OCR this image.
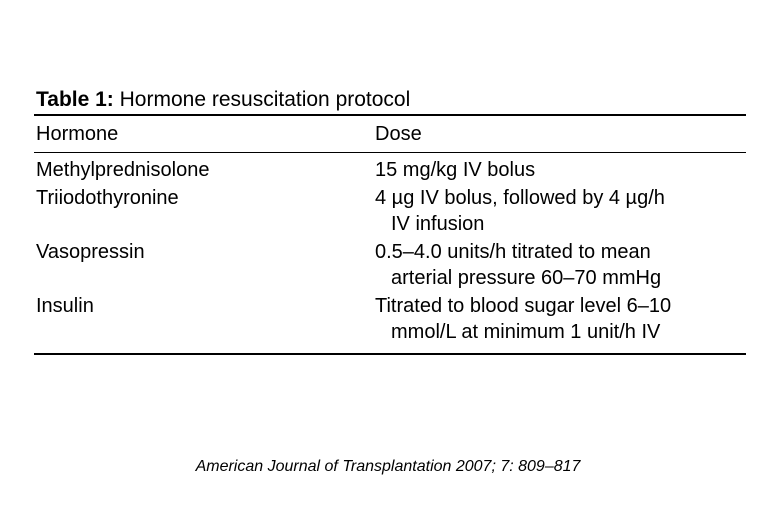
Table 1: Hormone resuscitation protocol
Hormone	Dose
Methylprednisolone	15 mg/kg IV bolus
Triiodothyronine	4 µg IV bolus, followed by 4 µg/h
IV infusion
Vasopressin	0.5–4.0 units/h titrated to mean
arterial pressure 60–70 mmHg
Insulin	Titrated to blood sugar level 6–10
mmol/L at minimum 1 unit/h IV
American Journal of Transplantation 2007; 7: 809–817
